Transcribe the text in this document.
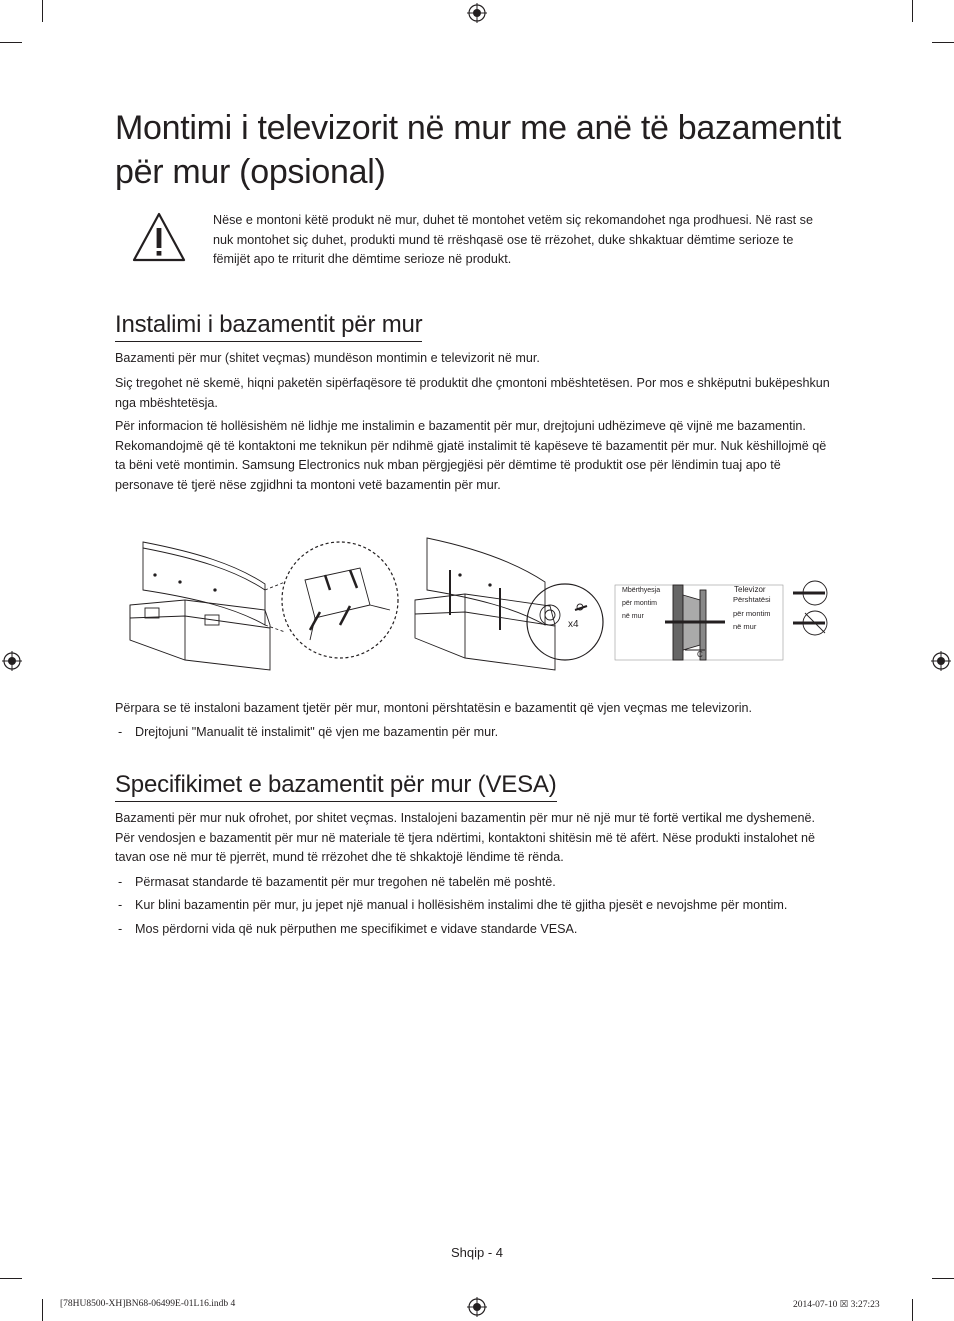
Montimi i televizorit në mur me anë të bazamentit për mur (opsional)
Nëse e montoni këtë produkt në mur, duhet të montohet vetëm siç rekomandohet nga prodhuesi. Në rast se nuk montohet siç duhet, produkti mund të rrëshqasë ose të rrëzohet, duke shkaktuar dëmtime serioze te fëmijët apo te rriturit dhe dëmtime serioze në produkt.
Instalimi i bazamentit për mur

Bazamenti për mur (shitet veçmas) mundëson montimin e televizorit në mur.

Siç tregohet në skemë, hiqni paketën sipërfaqësore të produktit dhe çmontoni mbështetësen. Por mos e shkëputni bukëpeshkun nga mbështetësja.

Për informacion të hollësishëm në lidhje me instalimin e bazamentit për mur, drejtojuni udhëzimeve që vijnë me bazamentin. Rekomandojmë që të kontaktoni me teknikun për ndihmë gjatë instalimit të kapëseve të bazamentit për mur. Nuk këshillojmë që ta bëni vetë montimin. Samsung Electronics nuk mban përgjegjësi për dëmtime të produktit ose për lëndimin tuaj apo të personave të tjerë nëse zgjidhni ta montoni vetë bazamentin për mur.

x4
Mbërthyesja
për montim
në mur
Televizor
Përshtatësi
për montim
në mur
C

Përpara se të instaloni bazament tjetër për mur, montoni përshtatësin e bazamentit që vjen veçmas me televizorin.

- Drejtojuni "Manualit të instalimit" që vjen me bazamentin për mur.
Specifikimet e bazamentit për mur (VESA)

Bazamenti për mur nuk ofrohet, por shitet veçmas. Instalojeni bazamentin për mur në një mur të fortë vertikal me dyshemenë. Për vendosjen e bazamentit për mur në materiale të tjera ndërtimi, kontaktoni shitësin më të afërt. Nëse produkti instalohet në tavan ose në mur të pjerrët, mund të rrëzohet dhe të shkaktojë lëndime të rënda.

- Përmasat standarde të bazamentit për mur tregohen në tabelën më poshtë.
- Kur blini bazamentin për mur, ju jepet një manual i hollësishëm instalimi dhe të gjitha pjesët e nevojshme për montim.
- Mos përdorni vida që nuk përputhen me specifikimet e vidave standarde VESA.
Shqip - 4
[78HU8500-XH]BN68-06499E-01L16.indb 4	2014-07-10 ☒ 3:27:23
